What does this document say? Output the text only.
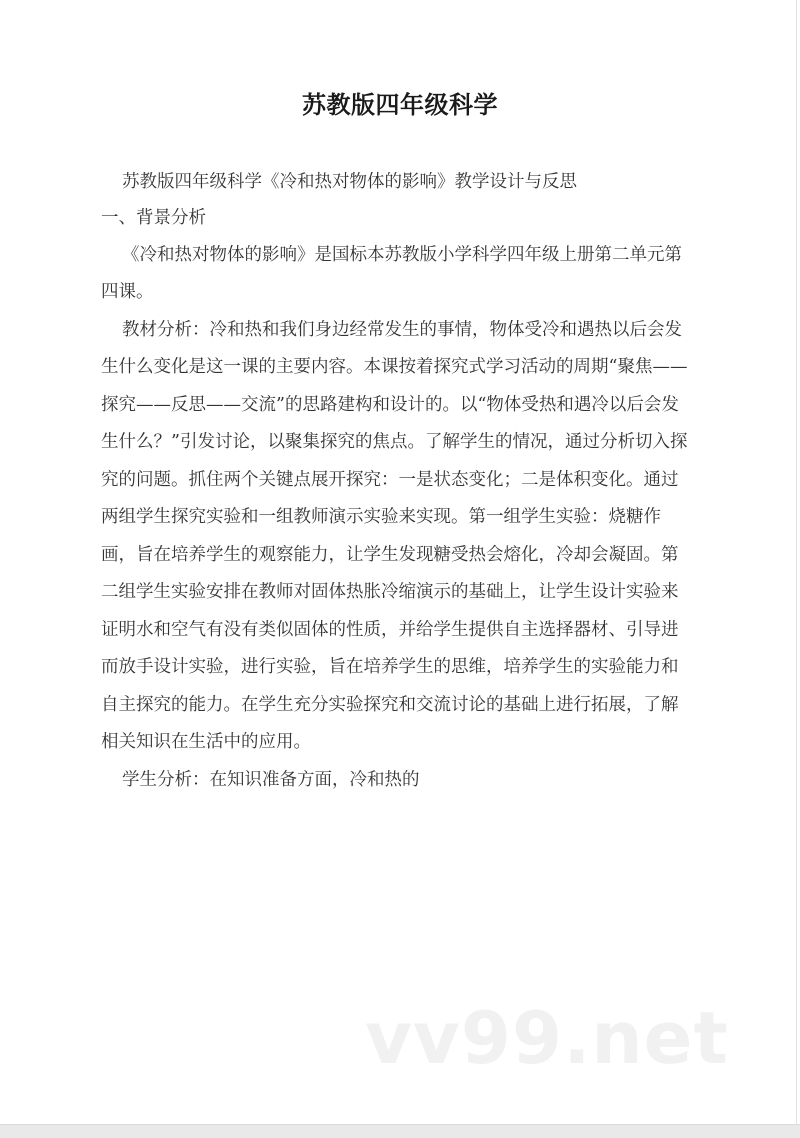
苏教版四年级科学
苏教版四年级科学《冷和热对物体的影响》教学设计与反思
一、背景分析
《冷和热对物体的影响》是国标本苏教版小学科学四年级上册第二单元第
四课。
教材分析：冷和热和我们身边经常发生的事情，物体受冷和遇热以后会发
生什么变化是这一课的主要内容。本课按着探究式学习活动的周期“聚焦——
探究——反思——交流”的思路建构和设计的。以“物体受热和遇冷以后会发
生什么？”引发讨论，以聚集探究的焦点。了解学生的情况，通过分析切入探
究的问题。抓住两个关键点展开探究：一是状态变化；二是体积变化。通过
两组学生探究实验和一组教师演示实验来实现。第一组学生实验：烧糖作
画，旨在培养学生的观察能力，让学生发现糖受热会熔化，冷却会凝固。第
二组学生实验安排在教师对固体热胀冷缩演示的基础上，让学生设计实验来
证明水和空气有没有类似固体的性质，并给学生提供自主选择器材、引导进
而放手设计实验，进行实验，旨在培养学生的思维，培养学生的实验能力和
自主探究的能力。在学生充分实验探究和交流讨论的基础上进行拓展，了解
相关知识在生活中的应用。
学生分析：在知识准备方面，冷和热的
vv99.net
